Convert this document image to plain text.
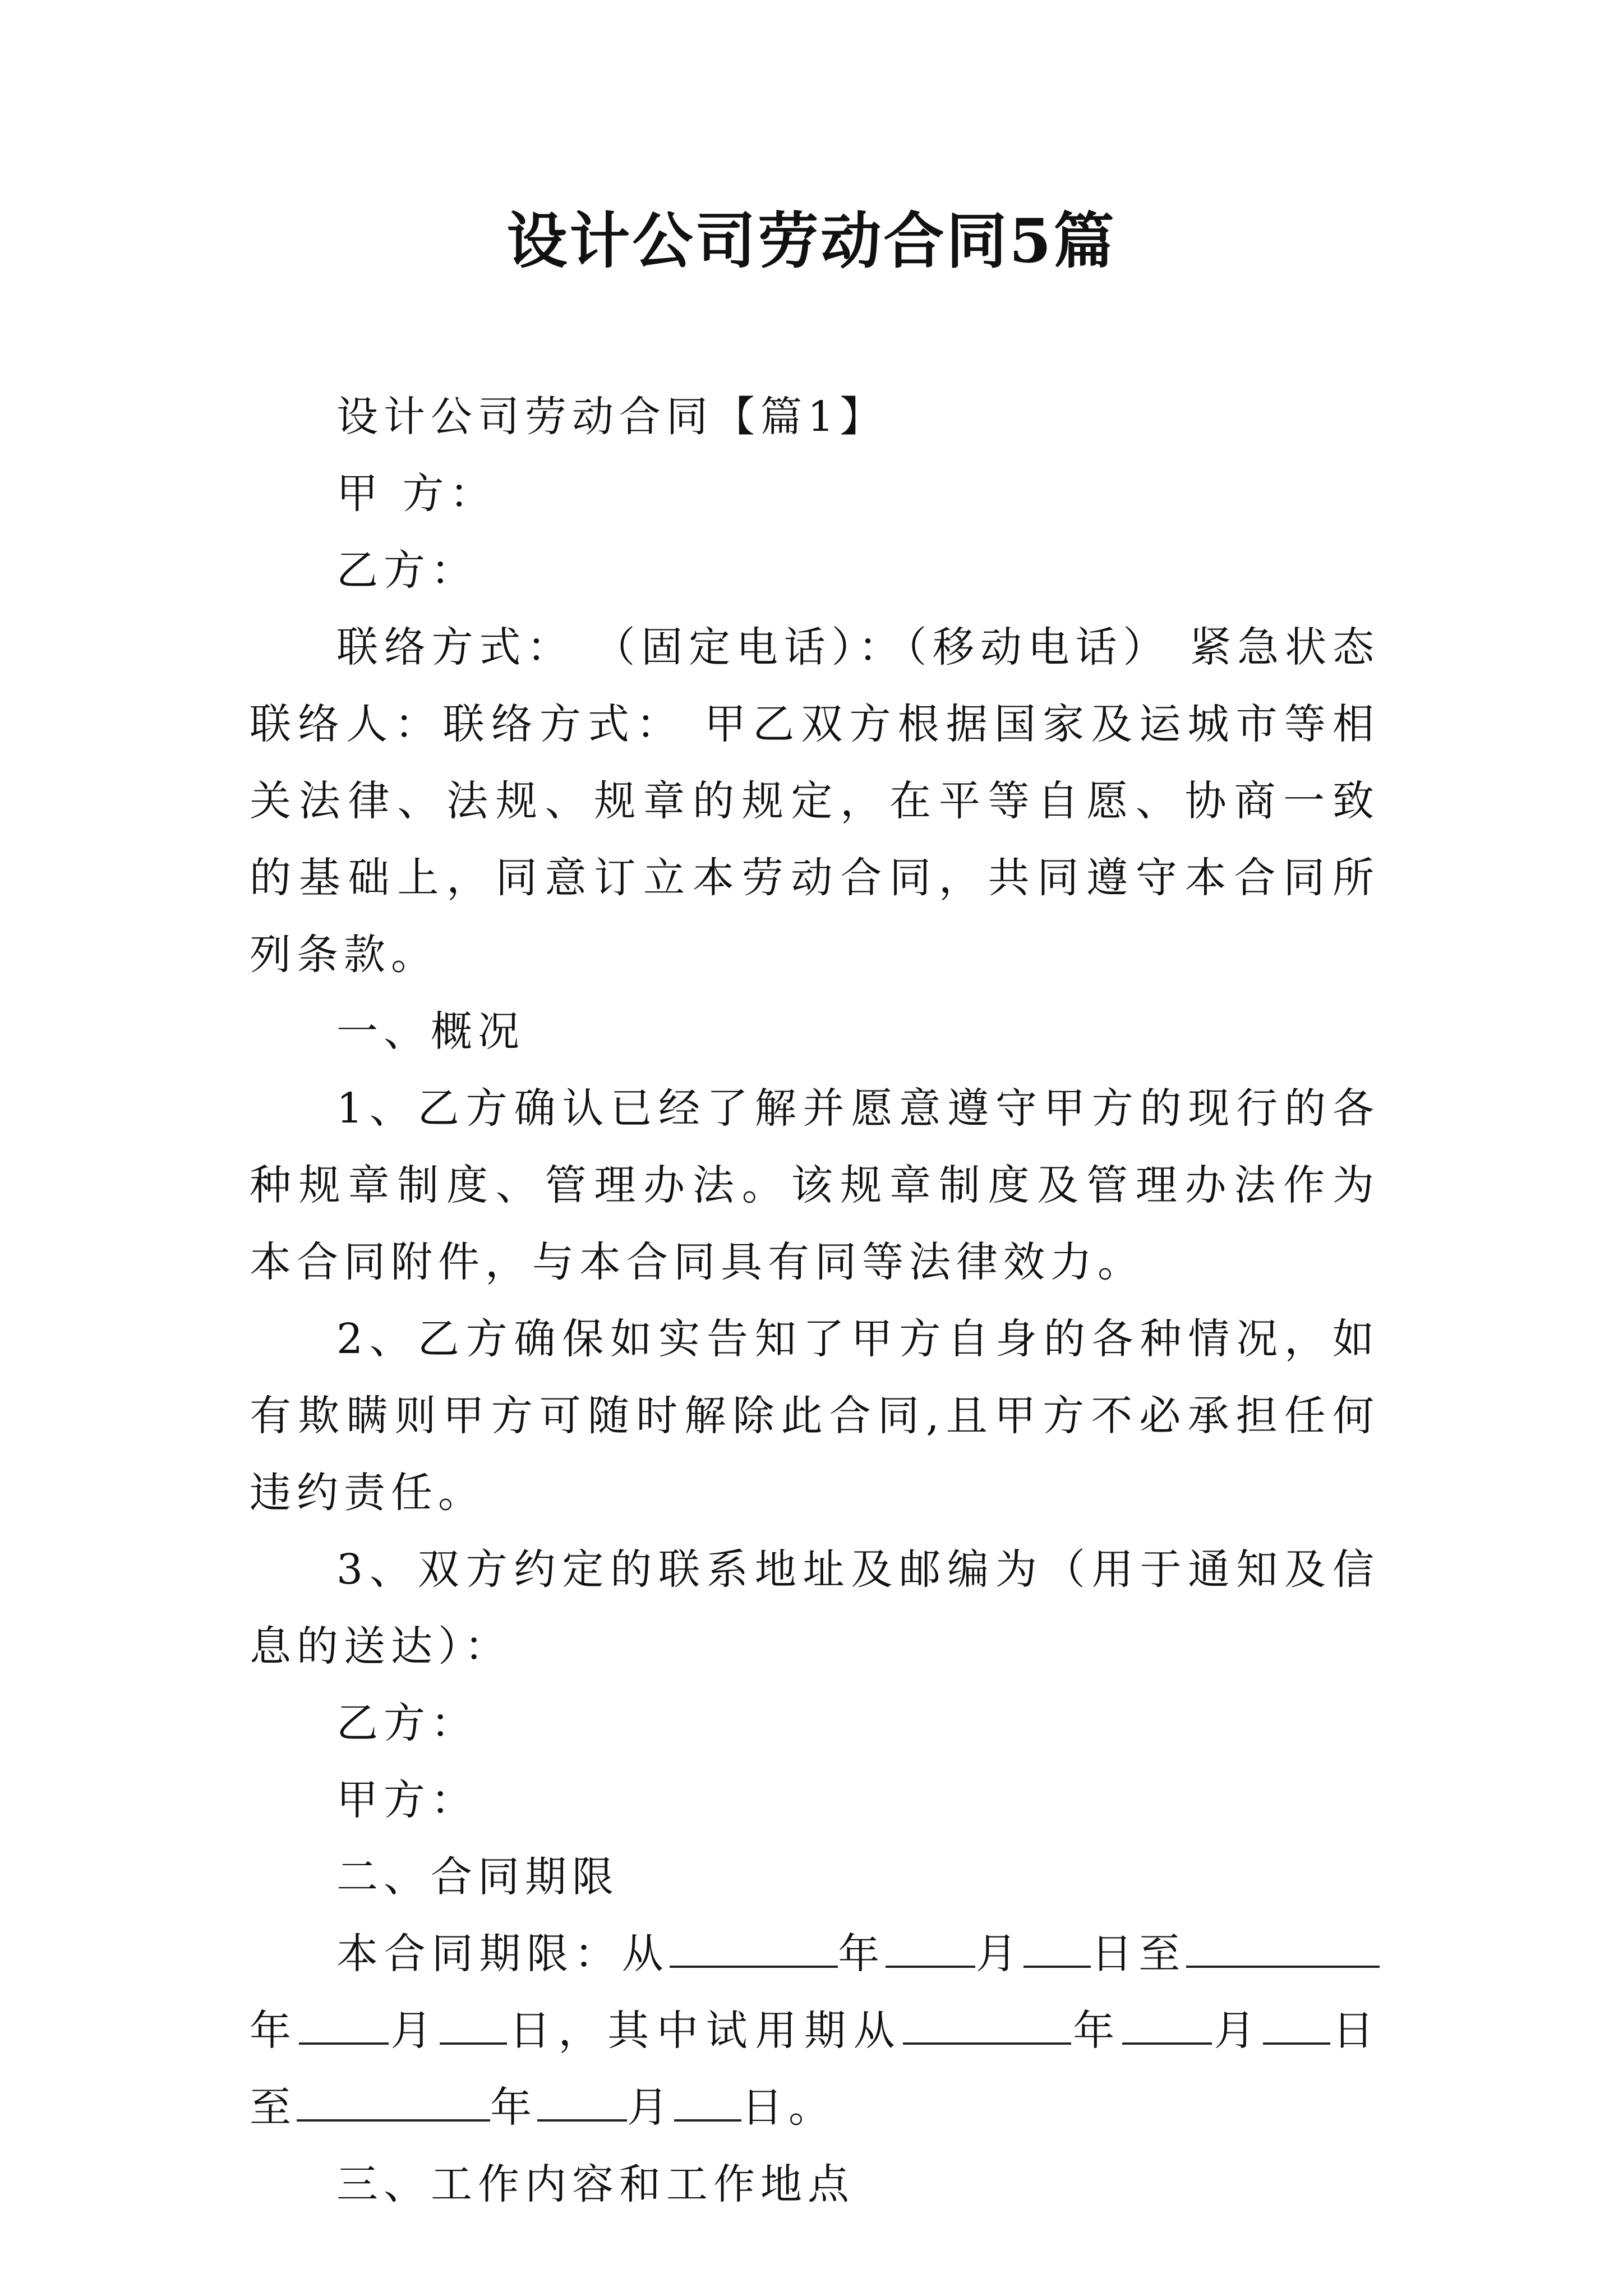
设计公司劳动合同5篇

设计公司劳动合同【篇1】

甲 方：

乙方：

联络方式： （固定电话）：（移动电话） 紧急状态联络人：联络方式： 甲乙双方根据国家及运城市等相关法律、法规、规章的规定，在平等自愿、协商一致的基础上，同意订立本劳动合同，共同遵守本合同所列条款。

一、概况

1、乙方确认已经了解并愿意遵守甲方的现行的各种规章制度、管理办法。该规章制度及管理办法作为本合同附件，与本合同具有同等法律效力。

2、乙方确保如实告知了甲方自身的各种情况，如有欺瞒则甲方可随时解除此合同,且甲方不必承担任何违约责任。

3、双方约定的联系地址及邮编为（用于通知及信息的送达）：

乙方：

甲方：

二、合同期限

本合同期限：从	年 月 日至年 月 日，其中试用期从	年 月 日至	年 月 日。

三、工作内容和工作地点
